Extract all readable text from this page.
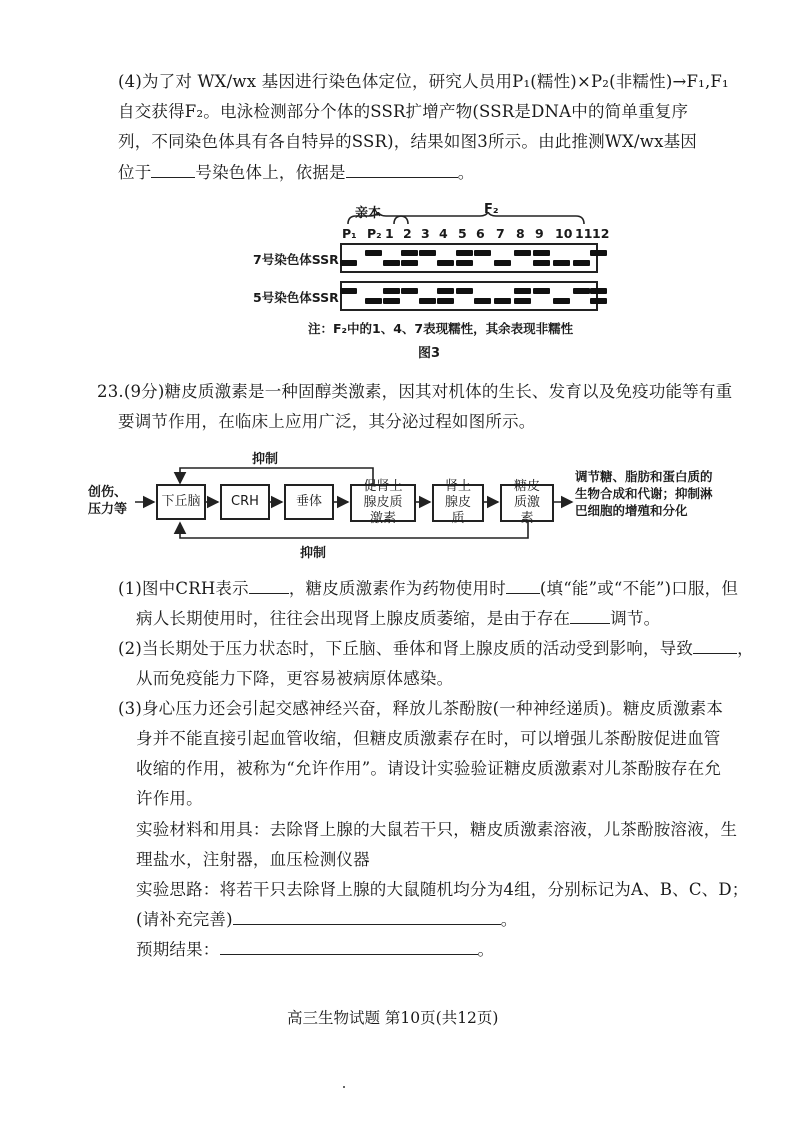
(4)为了对 WX/wx 基因进行染色体定位，研究人员用P₁(糯性)×P₂(非糯性)→F₁,F₁
自交获得F₂。电泳检测部分个体的SSR扩增产物(SSR是DNA中的简单重复序
列，不同染色体具有各自特异的SSR)，结果如图3所示。由此推测WX/wx基因
位于	号染色体上，依据是	。
亲本	F₂
P₁ P₂ 1 2 3 4 5 6 7 8 9 10 11 12
7号染色体SSR
5号染色体SSR
注：F₂中的1、4、7表现糯性，其余表现非糯性
图3
23.(9分)糖皮质激素是一种固醇类激素，因其对机体的生长、发育以及免疫功能等有重
要调节作用，在临床上应用广泛，其分泌过程如图所示。
创伤、压力等
抑制
抑制
下丘脑	CRH	垂体
促肾上腺皮质激素
肾上腺皮质
糖皮质激素
调节糖、脂肪和蛋白质的生物合成和代谢；抑制淋巴细胞的增殖和分化
(1)图中CRH表示 ，糖皮质激素作为药物使用时 (填“能”或“不能”)口服，但
病人长期使用时，往往会出现肾上腺皮质萎缩，是由于存在 调节。
(2)当长期处于压力状态时，下丘脑、垂体和肾上腺皮质的活动受到影响，导致	，
从而免疫能力下降，更容易被病原体感染。
(3)身心压力还会引起交感神经兴奋，释放儿茶酚胺(一种神经递质)。糖皮质激素本
身并不能直接引起血管收缩，但糖皮质激素存在时，可以增强儿茶酚胺促进血管
收缩的作用，被称为“允许作用”。请设计实验验证糖皮质激素对儿茶酚胺存在允
许作用。
实验材料和用具：去除肾上腺的大鼠若干只，糖皮质激素溶液，儿茶酚胺溶液，生
理盐水，注射器，血压检测仪器
实验思路：将若干只去除肾上腺的大鼠随机均分为4组，分别标记为A、B、C、D；
(请补充完善)	。
预期结果：	。
高三生物试题 第10页(共12页)
